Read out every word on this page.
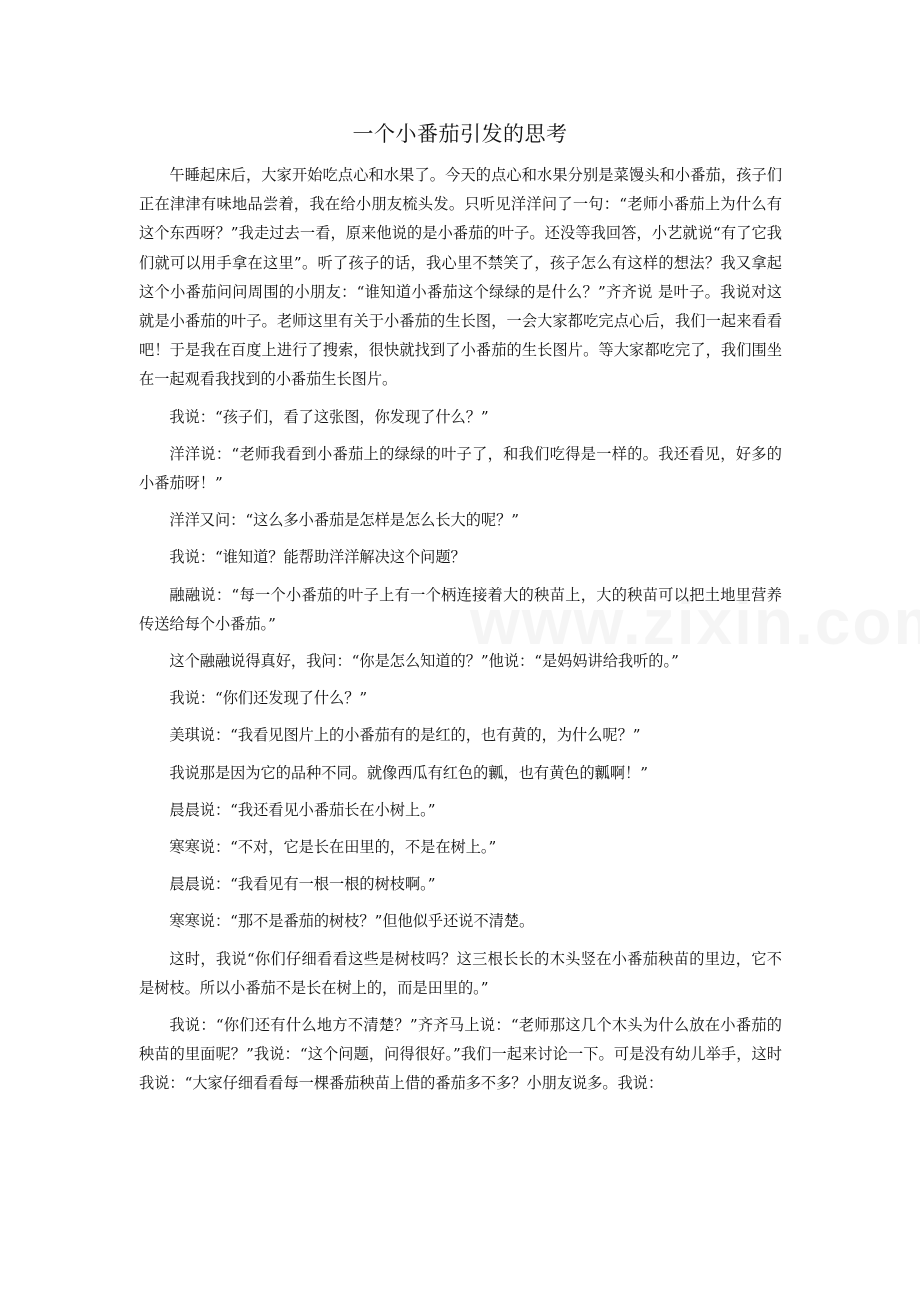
一个小番茄引发的思考

午睡起床后，大家开始吃点心和水果了。今天的点心和水果分别是菜馒头和小番茄，孩子们正在津津有味地品尝着，我在给小朋友梳头发。只听见洋洋问了一句：“老师小番茄上为什么有这个东西呀？”我走过去一看，原来他说的是小番茄的叶子。还没等我回答，小艺就说“有了它我们就可以用手拿在这里”。听了孩子的话，我心里不禁笑了，孩子怎么有这样的想法？我又拿起这个小番茄问问周围的小朋友：“谁知道小番茄这个绿绿的是什么？”齐齐说 是叶子。我说对这就是小番茄的叶子。老师这里有关于小番茄的生长图，一会大家都吃完点心后，我们一起来看看吧！于是我在百度上进行了搜索，很快就找到了小番茄的生长图片。等大家都吃完了，我们围坐在一起观看我找到的小番茄生长图片。

我说：“孩子们，看了这张图，你发现了什么？”

洋洋说：“老师我看到小番茄上的绿绿的叶子了，和我们吃得是一样的。我还看见，好多的小番茄呀！”

洋洋又问：“这么多小番茄是怎样是怎么长大的呢？”

我说：“谁知道？能帮助洋洋解决这个问题？

融融说：“每一个小番茄的叶子上有一个柄连接着大的秧苗上，大的秧苗可以把土地里营养传送给每个小番茄。”

这个融融说得真好，我问：“你是怎么知道的？”他说：“是妈妈讲给我听的。”

我说：“你们还发现了什么？”

美琪说：“我看见图片上的小番茄有的是红的，也有黄的，为什么呢？”

我说那是因为它的品种不同。就像西瓜有红色的瓤，也有黄色的瓤啊！”

晨晨说：“我还看见小番茄长在小树上。”

寒寒说：“不对，它是长在田里的，不是在树上。”

晨晨说：“我看见有一根一根的树枝啊。”

寒寒说：“那不是番茄的树枝？”但他似乎还说不清楚。

这时，我说“你们仔细看看这些是树枝吗？这三根长长的木头竖在小番茄秧苗的里边，它不是树枝。所以小番茄不是长在树上的，而是田里的。”

我说：“你们还有什么地方不清楚？”齐齐马上说：“老师那这几个木头为什么放在小番茄的秧苗的里面呢？”我说：“这个问题，问得很好。”我们一起来讨论一下。可是没有幼儿举手，这时我说：“大家仔细看看每一棵番茄秧苗上借的番茄多不多？小朋友说多。我说：
